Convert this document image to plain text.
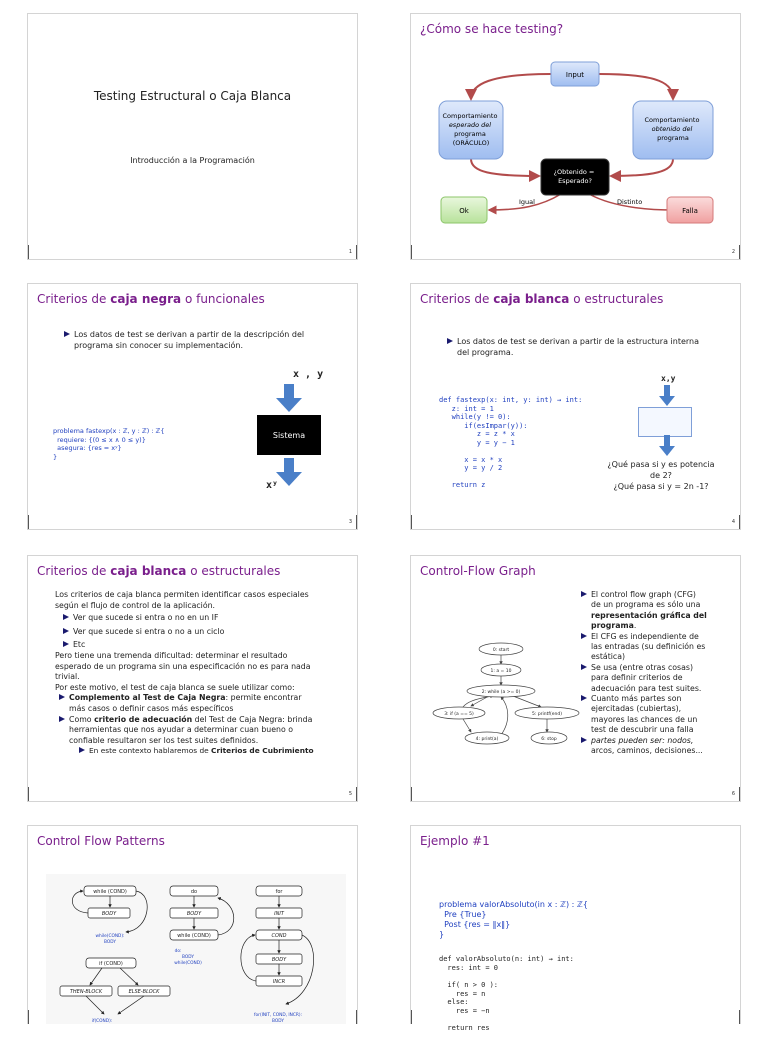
Testing Estructural o Caja Blanca
Introducción a la Programación
1
¿Cómo se hace testing?
Input
Comportamiento esperado del programa (ORÁCULO)
Comportamiento obtenido del programa
¿Obtenido = Esperado?
Igual	Distinto
Ok	Falla
2
Criterios de caja negra o funcionales
Los datos de test se derivan a partir de la descripción del
programa sin conocer su implementación.

problema fastexp(x : ℤ, y : ℤ) : ℤ{
requiere: {(0 ≤ x ∧ 0 ≤ y)}
asegura: {res = xʸ}
}

x , y
Sistema
xʸ
3
Criterios de caja blanca o estructurales
Los datos de test se derivan a partir de la estructura interna
del programa.

def fastexp(x: int, y: int) → int:
z: int = 1
while(y != 0):
if(esImpar(y)):
z = z * x
y = y − 1
x = x * x
y = y / 2
return z

x,y
¿Qué pasa si y es potencia
de 2?
¿Qué pasa si y = 2n -1?
4
Criterios de caja blanca o estructurales
Los criterios de caja blanca permiten identificar casos especiales
según el flujo de control de la aplicación.
Ver que sucede si entra o no en un IF
Ver que sucede si entra o no a un ciclo
Etc
Pero tiene una tremenda dificultad: determinar el resultado
esperado de un programa sin una especificación no es para nada
trivial.
Por este motivo, el test de caja blanca se suele utilizar como:
Complemento al Test de Caja Negra: permite encontrar
más casos o definir casos más específicos
Como criterio de adecuación del Test de Caja Negra: brinda
herramientas que nos ayudar a determinar cuan bueno o
confiable resultaron ser los test suites definidos.
En este contexto hablaremos de Criterios de Cubrimiento
5
Control-Flow Graph
0: start
1: a = 10
2: while (a >= 0)
3: if (a == 5)	5: printf(end)
4: print(a)	6: stop
El control flow graph (CFG)
de un programa es sólo una
representación gráfica del
programa.
El CFG es independiente de
las entradas (su definición es
estática)
Se usa (entre otras cosas)
para definir criterios de
adecuación para test suites.
Cuanto más partes son
ejercitadas (cubiertas),
mayores las chances de un
test de descubrir una falla
partes pueden ser: nodos,
arcos, caminos, decisiones...
6
Control Flow Patterns
while (COND)
BODY
do
BODY
while (COND)
for
INIT
COND
BODY
INCR
if (COND)
THEN-BLOCK	ELSE-BLOCK
while(COND):
BODY
do:
BODY
while(COND)
if(COND):
for(INIT, COND, INCR):
BODY
Ejemplo #1

problema valorAbsoluto(in x : ℤ) : ℤ{
Pre {True}
Post {res = ‖x‖}
}

def valorAbsoluto(n: int) → int:
res: int = 0
if( n > 0 ):
res = n
else:
res = −n
return res
